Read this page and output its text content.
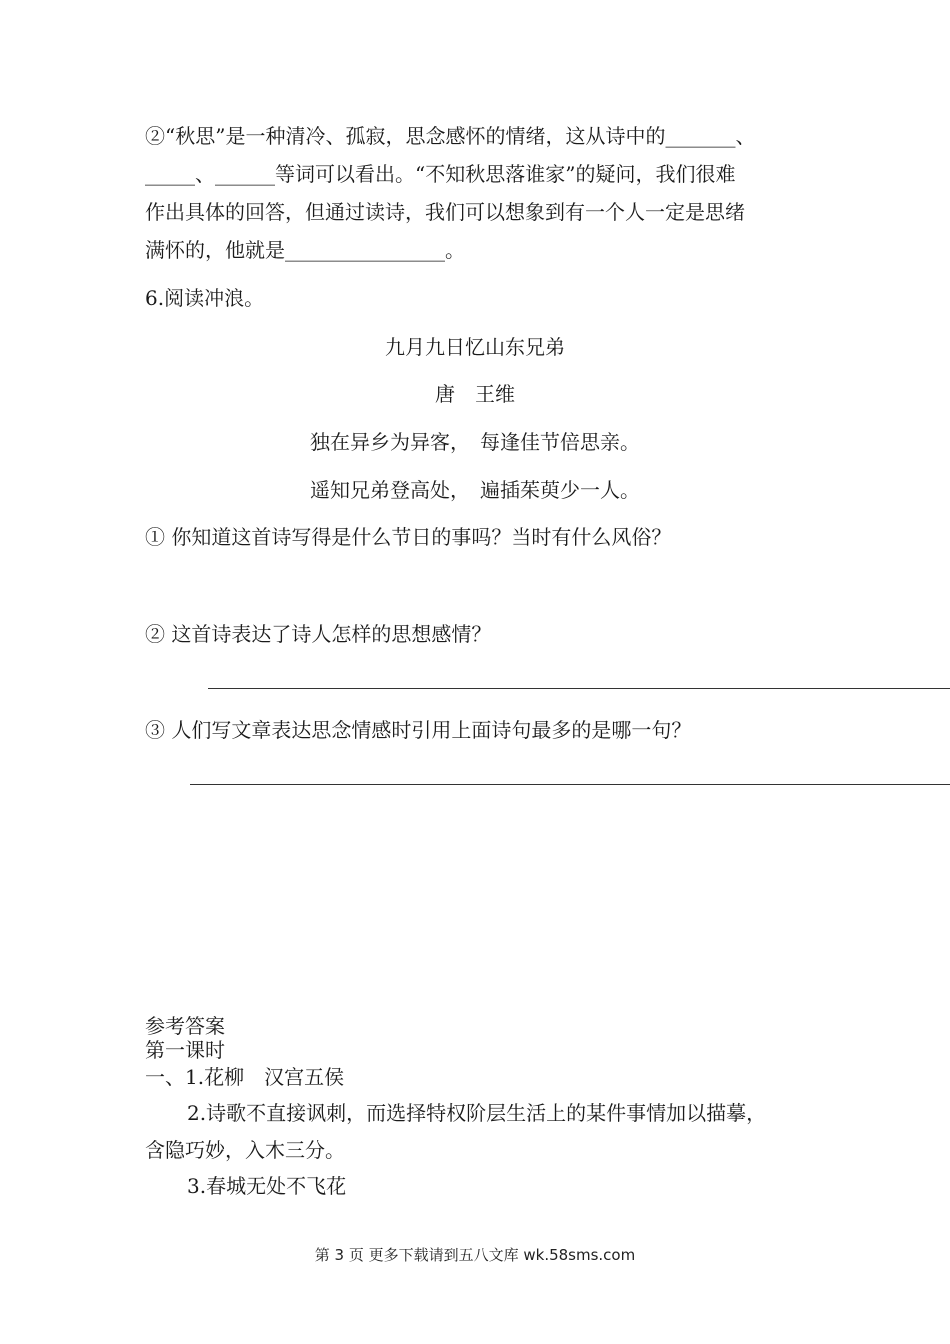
②“秋思”是一种清冷、孤寂，思念感怀的情绪，这从诗中的_______、
_____、______等词可以看出。“不知秋思落谁家”的疑问，我们很难
作出具体的回答，但通过读诗，我们可以想象到有一个人一定是思绪
满怀的，他就是________________。
6.阅读冲浪。
九月九日忆山东兄弟
唐　王维
独在异乡为异客，　每逢佳节倍思亲。
遥知兄弟登高处，　遍插茱萸少一人。
① 你知道这首诗写得是什么节日的事吗？当时有什么风俗？
② 这首诗表达了诗人怎样的思想感情？
③ 人们写文章表达思念情感时引用上面诗句最多的是哪一句？
参考答案
第一课时
一、1.花柳　汉宫五侯
2.诗歌不直接讽刺，而选择特权阶层生活上的某件事情加以描摹，
含隐巧妙，入木三分。
3.春城无处不飞花
第 3 页 更多下载请到五八文库 wk.58sms.com
